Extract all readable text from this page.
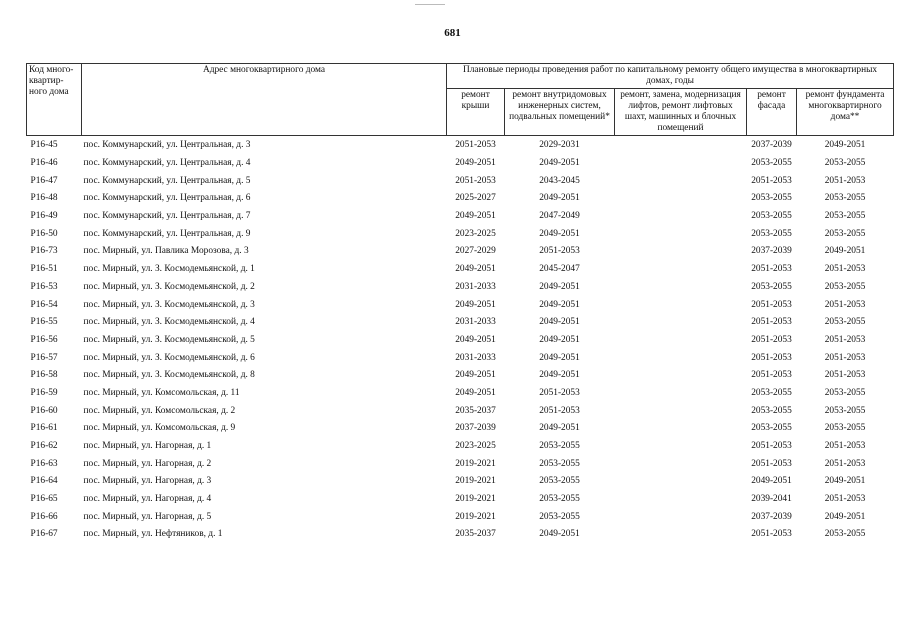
681
Код много-квартир-ного дома	Адрес многоквартирного дома	Плановые периоды проведения работ по капитальному ремонту общего имущества в многоквартирных домах, годы				
		ремонт крыши	ремонт внутридомовых инженерных систем, подвальных помещений*	ремонт, замена, модернизация лифтов, ремонт лифтовых шахт, машинных и блочных помещений	ремонт фасада	ремонт фундамента многоквартирного дома**
P16-45	пос. Коммунарский, ул. Центральная, д. 3	2051-2053	2029-2031		2037-2039	2049-2051
P16-46	пос. Коммунарский, ул. Центральная, д. 4	2049-2051	2049-2051		2053-2055	2053-2055
P16-47	пос. Коммунарский, ул. Центральная, д. 5	2051-2053	2043-2045		2051-2053	2051-2053
P16-48	пос. Коммунарский, ул. Центральная, д. 6	2025-2027	2049-2051		2053-2055	2053-2055
P16-49	пос. Коммунарский, ул. Центральная, д. 7	2049-2051	2047-2049		2053-2055	2053-2055
P16-50	пос. Коммунарский, ул. Центральная, д. 9	2023-2025	2049-2051		2053-2055	2053-2055
P16-73	пос. Мирный, ул. Павлика Морозова, д. 3	2027-2029	2051-2053		2037-2039	2049-2051
P16-51	пос. Мирный, ул. З. Космодемьянской, д. 1	2049-2051	2045-2047		2051-2053	2051-2053
P16-53	пос. Мирный, ул. З. Космодемьянской, д. 2	2031-2033	2049-2051		2053-2055	2053-2055
P16-54	пос. Мирный, ул. З. Космодемьянской, д. 3	2049-2051	2049-2051		2051-2053	2051-2053
P16-55	пос. Мирный, ул. З. Космодемьянской, д. 4	2031-2033	2049-2051		2051-2053	2053-2055
P16-56	пос. Мирный, ул. З. Космодемьянской, д. 5	2049-2051	2049-2051		2051-2053	2051-2053
P16-57	пос. Мирный, ул. З. Космодемьянской, д. 6	2031-2033	2049-2051		2051-2053	2051-2053
P16-58	пос. Мирный, ул. З. Космодемьянской, д. 8	2049-2051	2049-2051		2051-2053	2051-2053
P16-59	пос. Мирный, ул. Комсомольская, д. 11	2049-2051	2051-2053		2053-2055	2053-2055
P16-60	пос. Мирный, ул. Комсомольская, д. 2	2035-2037	2051-2053		2053-2055	2053-2055
P16-61	пос. Мирный, ул. Комсомольская, д. 9	2037-2039	2049-2051		2053-2055	2053-2055
P16-62	пос. Мирный, ул. Нагорная, д. 1	2023-2025	2053-2055		2051-2053	2051-2053
P16-63	пос. Мирный, ул. Нагорная, д. 2	2019-2021	2053-2055		2051-2053	2051-2053
P16-64	пос. Мирный, ул. Нагорная, д. 3	2019-2021	2053-2055		2049-2051	2049-2051
P16-65	пос. Мирный, ул. Нагорная, д. 4	2019-2021	2053-2055		2039-2041	2051-2053
P16-66	пос. Мирный, ул. Нагорная, д. 5	2019-2021	2053-2055		2037-2039	2049-2051
P16-67	пос. Мирный, ул. Нефтяников, д. 1	2035-2037	2049-2051		2051-2053	2053-2055
